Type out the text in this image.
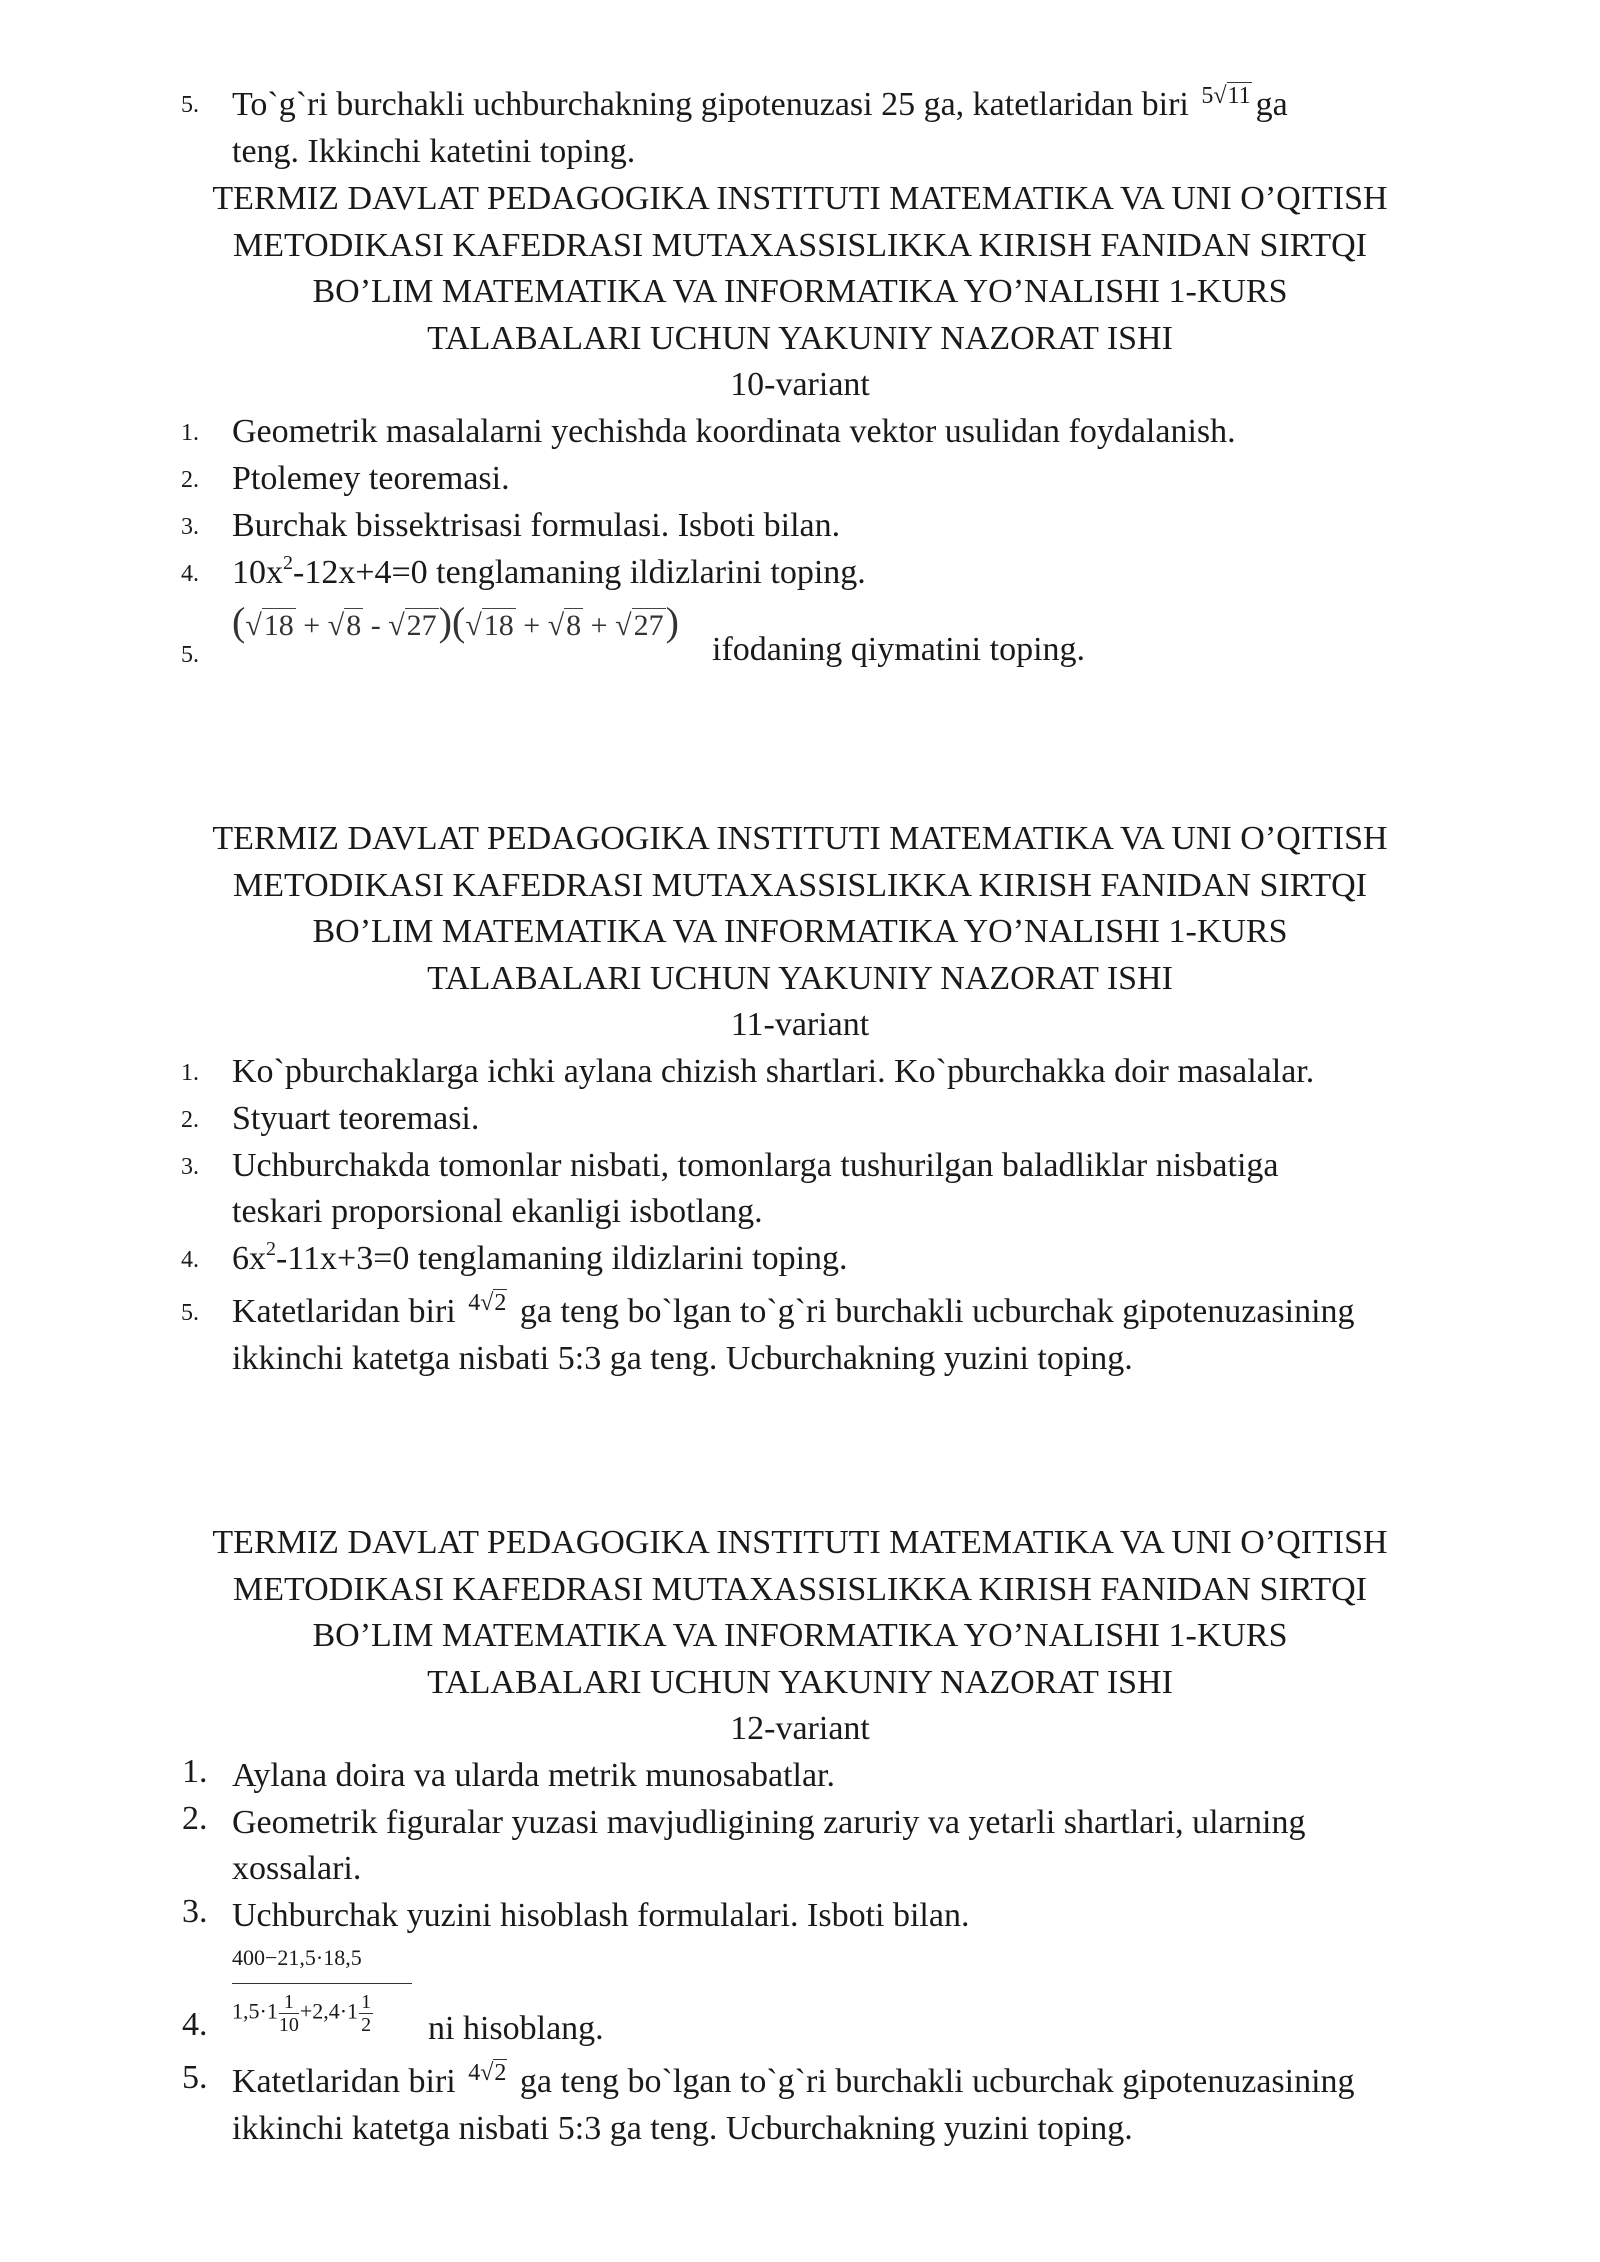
5. To`g`ri burchakli uchburchakning gipotenuzasi 25 ga, katetlaridan biri 5√11 ga
teng. Ikkinchi katetini toping.
TERMIZ DAVLAT PEDAGOGIKA INSTITUTI MATEMATIKA VA UNI O’QITISH
METODIKASI KAFEDRASI MUTAXASSISLIKKA KIRISH FANIDAN SIRTQI
BO’LIM MATEMATIKA VA INFORMATIKA YO’NALISHI 1-KURS
TALABALARI UCHUN YAKUNIY NAZORAT ISHI
10-variant
1. Geometrik masalalarni yechishda koordinata vektor usulidan foydalanish.
2. Ptolemey teoremasi.
3. Burchak bissektrisasi formulasi. Isboti bilan.
4. $10x^2-12x+4=0$ tenglamaning ildizlarini toping.
5.
(√18 + √8 - √27)(√18 + √8 + √27)
ifodaning qiymatini toping.
TERMIZ DAVLAT PEDAGOGIKA INSTITUTI MATEMATIKA VA UNI O’QITISH
METODIKASI KAFEDRASI MUTAXASSISLIKKA KIRISH FANIDAN SIRTQI
BO’LIM MATEMATIKA VA INFORMATIKA YO’NALISHI 1-KURS
TALABALARI UCHUN YAKUNIY NAZORAT ISHI
11-variant
1. Ko`pburchaklarga ichki aylana chizish shartlari. Ko`pburchakka doir masalalar.
2. Styuart teoremasi.
3. Uchburchakda tomonlar nisbati, tomonlarga tushurilgan baladliklar nisbatiga
teskari proporsional ekanligi isbotlang.
4. $6x^2-11x+3=0$ tenglamaning ildizlarini toping.
5. Katetlaridan biri 4√2 ga teng bo`lgan to`g`ri burchakli ucburchak gipotenuzasining
ikkinchi katetga nisbati 5:3 ga teng. Ucburchakning yuzini toping.
TERMIZ DAVLAT PEDAGOGIKA INSTITUTI MATEMATIKA VA UNI O’QITISH
METODIKASI KAFEDRASI MUTAXASSISLIKKA KIRISH FANIDAN SIRTQI
BO’LIM MATEMATIKA VA INFORMATIKA YO’NALISHI 1-KURS
TALABALARI UCHUN YAKUNIY NAZORAT ISHI
12-variant
1. Aylana doira va ularda metrik munosabatlar.
2. Geometrik figuralar yuzasi mavjudligining zaruriy va yetarli shartlari, ularning
xossalari.
3. Uchburchak yuzini hisoblash formulalari. Isboti bilan.
4.
400−21,5·18,5
$1,5\cdot 1 \frac{1}{10} +2,4\cdot 1 \frac{1}{2}$ ni hisoblang.
5. Katetlaridan biri 4√2 ga teng bo`lgan to`g`ri burchakli ucburchak gipotenuzasining
ikkinchi katetga nisbati 5:3 ga teng. Ucburchakning yuzini toping.
